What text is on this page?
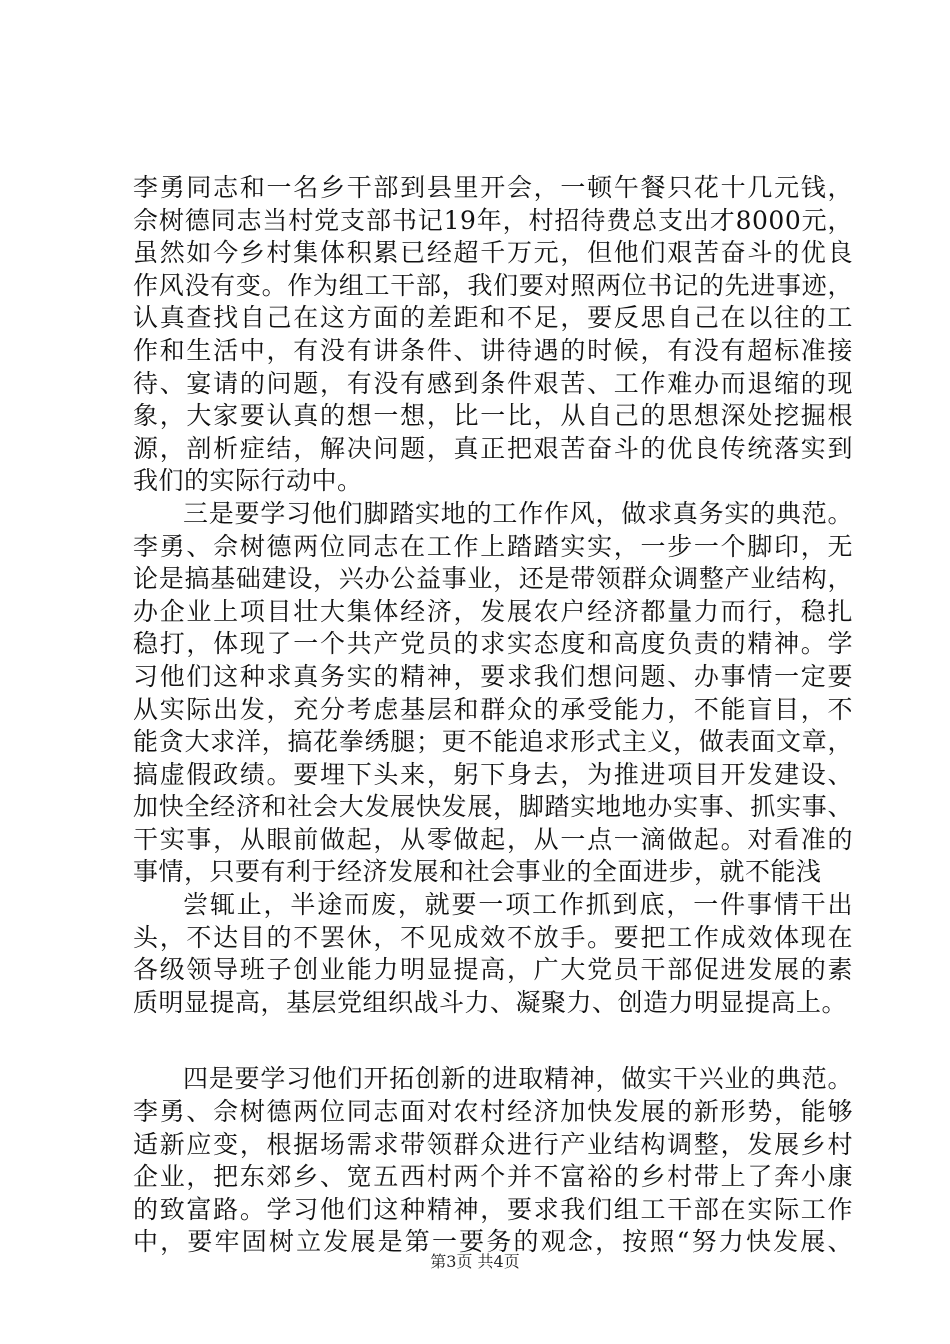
李勇同志和一名乡干部到县里开会，一顿午餐只花十几元钱，
佘树德同志当村党支部书记19年，村招待费总支出才8000元，
虽然如今乡村集体积累已经超千万元，但他们艰苦奋斗的优良
作风没有变。作为组工干部，我们要对照两位书记的先进事迹，
认真查找自己在这方面的差距和不足，要反思自己在以往的工
作和生活中，有没有讲条件、讲待遇的时候，有没有超标准接
待、宴请的问题，有没有感到条件艰苦、工作难办而退缩的现
象，大家要认真的想一想，比一比，从自己的思想深处挖掘根
源，剖析症结，解决问题，真正把艰苦奋斗的优良传统落实到
我们的实际行动中。
三是要学习他们脚踏实地的工作作风，做求真务实的典范。
李勇、佘树德两位同志在工作上踏踏实实，一步一个脚印，无
论是搞基础建设，兴办公益事业，还是带领群众调整产业结构，
办企业上项目壮大集体经济，发展农户经济都量力而行，稳扎
稳打，体现了一个共产党员的求实态度和高度负责的精神。学
习他们这种求真务实的精神，要求我们想问题、办事情一定要
从实际出发，充分考虑基层和群众的承受能力，不能盲目，不
能贪大求洋，搞花拳绣腿；更不能追求形式主义，做表面文章，
搞虚假政绩。要埋下头来，躬下身去，为推进项目开发建设、
加快全经济和社会大发展快发展，脚踏实地地办实事、抓实事、
干实事，从眼前做起，从零做起，从一点一滴做起。对看准的
事情，只要有利于经济发展和社会事业的全面进步，就不能浅
尝辄止，半途而废，就要一项工作抓到底，一件事情干出
头，不达目的不罢休，不见成效不放手。要把工作成效体现在
各级领导班子创业能力明显提高，广大党员干部促进发展的素
质明显提高，基层党组织战斗力、凝聚力、创造力明显提高上。
四是要学习他们开拓创新的进取精神，做实干兴业的典范。
李勇、佘树德两位同志面对农村经济加快发展的新形势，能够
适新应变，根据场需求带领群众进行产业结构调整，发展乡村
企业，把东郊乡、宽五西村两个并不富裕的乡村带上了奔小康
的致富路。学习他们这种精神，要求我们组工干部在实际工作
中，要牢固树立发展是第一要务的观念，按照“努力快发展、
第3页 共4页
